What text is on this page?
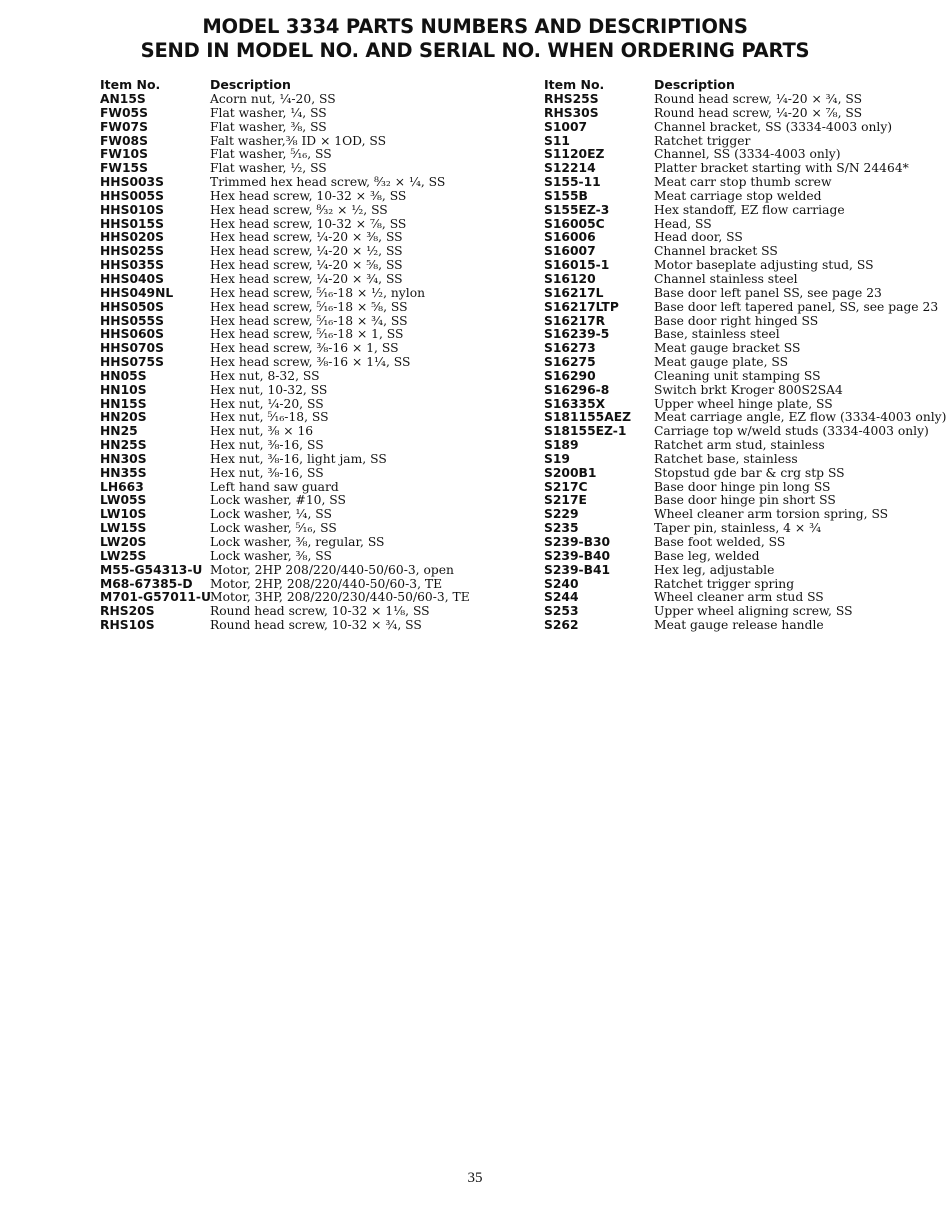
MODEL 3334 PARTS NUMBERS AND DESCRIPTIONS
SEND IN MODEL NO. AND SERIAL NO. WHEN ORDERING PARTS
Item No.	Description
AN15S	Acorn nut, ¼-20, SS
FW05S	Flat washer, ¼, SS
FW07S	Flat washer, ⅜, SS
FW08S	Falt washer,⅜ ID × 1OD, SS
FW10S	Flat washer, ⁵⁄₁₆, SS
FW15S	Flat washer, ½, SS
HHS003S	Trimmed hex head screw, ⁸⁄₃₂ × ¼, SS
HHS005S	Hex head screw, 10-32 × ⅜, SS
HHS010S	Hex head screw, ⁸⁄₃₂ × ½, SS
HHS015S	Hex head screw, 10-32 × ⅞, SS
HHS020S	Hex head screw, ¼-20 × ⅜, SS
HHS025S	Hex head screw, ¼-20 × ½, SS
HHS035S	Hex head screw, ¼-20 × ⅝, SS
HHS040S	Hex head screw, ¼-20 × ¾, SS
HHS049NL	Hex head screw, ⁵⁄₁₆-18 × ½, nylon
HHS050S	Hex head screw, ⁵⁄₁₆-18 × ⅝, SS
HHS055S	Hex head screw, ⁵⁄₁₆-18 × ¾, SS
HHS060S	Hex head screw, ⁵⁄₁₆-18 × 1, SS
HHS070S	Hex head screw, ⅜-16 × 1, SS
HHS075S	Hex head screw, ⅜-16 × 1¼, SS
HN05S	Hex nut, 8-32, SS
HN10S	Hex nut, 10-32, SS
HN15S	Hex nut, ¼-20, SS
HN20S	Hex nut, ⁵⁄₁₆-18, SS
HN25	Hex nut, ⅜ × 16
HN25S	Hex nut, ⅜-16, SS
HN30S	Hex nut, ⅜-16, light jam, SS
HN35S	Hex nut, ⅜-16, SS
LH663	Left hand saw guard
LW05S	Lock washer, #10, SS
LW10S	Lock washer, ¼, SS
LW15S	Lock washer, ⁵⁄₁₆, SS
LW20S	Lock washer, ⅜, regular, SS
LW25S	Lock washer, ⅜, SS
M55-G54313-U Motor, 2HP 208/220/440-50/60-3, open
M68-67385-D Motor, 2HP, 208/220/440-50/60-3, TE
M701-G57011-U Motor, 3HP, 208/220/230/440-50/60-3, TE
RHS20S	Round head screw, 10-32 × 1⅛, SS
RHS10S	Round head screw, 10-32 × ¾, SS
Item No.	Description
RHS25S	Round head screw, ¼-20 × ¾, SS
RHS30S	Round head screw, ¼-20 × ⅞, SS
S1007	Channel bracket, SS (3334-4003 only)
S11	Ratchet trigger
S1120EZ	Channel, SS (3334-4003 only)
S12214	Platter bracket starting with S/N 24464*
S155-11	Meat carr stop thumb screw
S155B	Meat carriage stop welded
S155EZ-3	Hex standoff, EZ flow carriage
S16005C	Head, SS
S16006	Head door, SS
S16007	Channel bracket SS
S16015-1	Motor baseplate adjusting stud, SS
S16120	Channel stainless steel
S16217L	Base door left panel SS, see page 23
S16217LTP	Base door left tapered panel, SS, see page 23
S16217R	Base door right hinged SS
S16239-5	Base, stainless steel
S16273	Meat gauge bracket SS
S16275	Meat gauge plate, SS
S16290	Cleaning unit stamping SS
S16296-8	Switch brkt Kroger 800S2SA4
S16335X	Upper wheel hinge plate, SS
S181155AEZ Meat carriage angle, EZ flow (3334-4003 only)
S18155EZ-1 Carriage top w/weld studs (3334-4003 only)
S189	Ratchet arm stud, stainless
S19	Ratchet base, stainless
S200B1	Stopstud gde bar & crg stp SS
S217C	Base door hinge pin long SS
S217E	Base door hinge pin short SS
S229	Wheel cleaner arm torsion spring, SS
S235	Taper pin, stainless, 4 × ¾
S239-B30	Base foot welded, SS
S239-B40	Base leg, welded
S239-B41	Hex leg, adjustable
S240	Ratchet trigger spring
S244	Wheel cleaner arm stud SS
S253	Upper wheel aligning screw, SS
S262	Meat gauge release handle
35
